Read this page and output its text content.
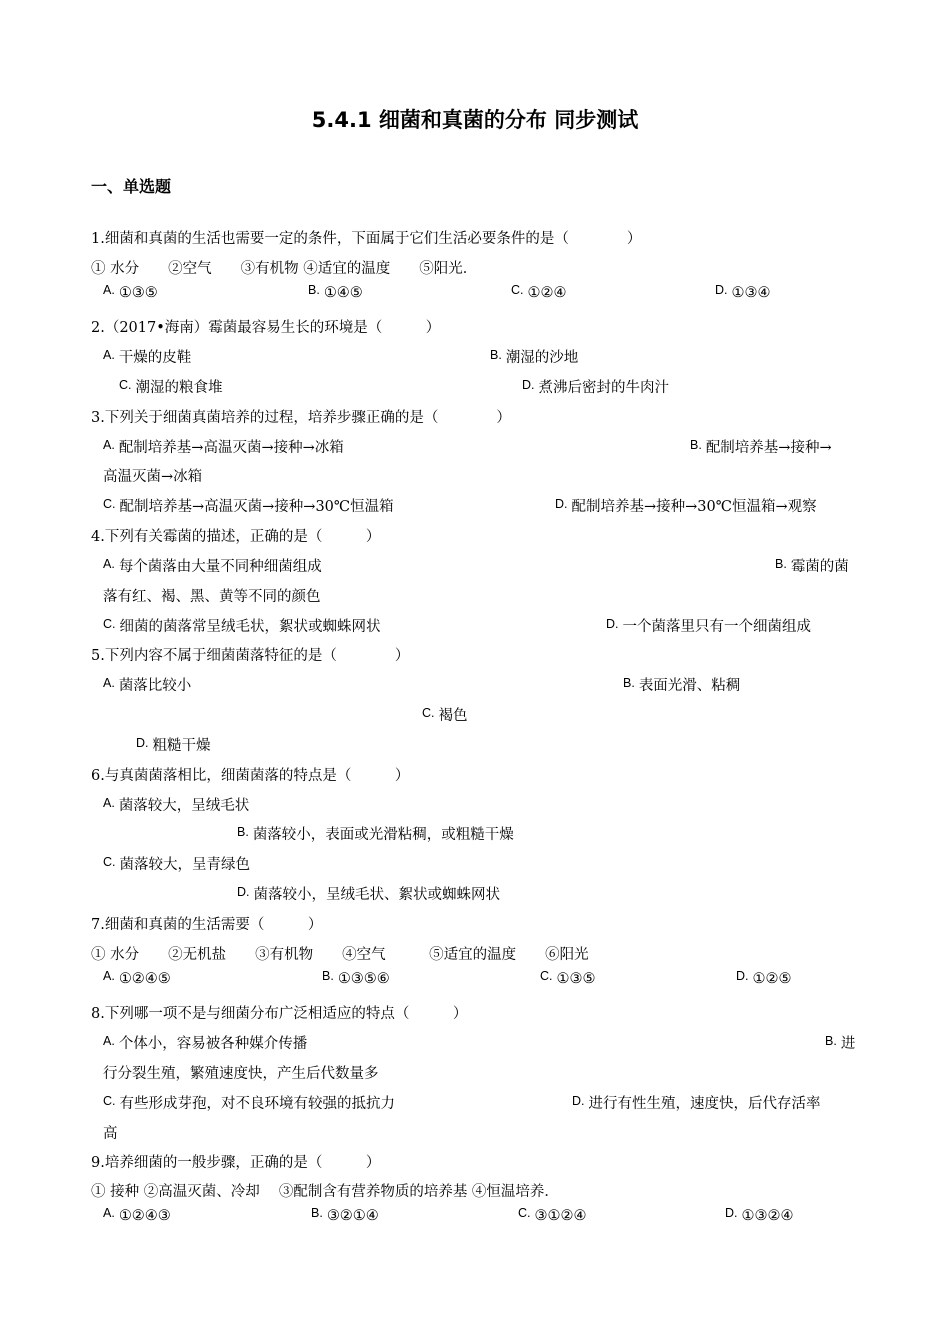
5.4.1 细菌和真菌的分布 同步测试
一、单选题
1.细菌和真菌的生活也需要一定的条件，下面属于它们生活必要条件的是（　　　　）
① 水分　　②空气　　③有机物 ④适宜的温度　　⑤阳光．
A. ①③⑤	B. ①④⑤	C. ①②④	D. ①③④
2.（2017•海南）霉菌最容易生长的环境是（　　　）
A. 干燥的皮鞋	B. 潮湿的沙地
C. 潮湿的粮食堆	D. 煮沸后密封的牛肉汁
3.下列关于细菌真菌培养的过程，培养步骤正确的是（　　　　）
A. 配制培养基→高温灭菌→接种→冰箱	B. 配制培养基→接种→
高温灭菌→冰箱
C. 配制培养基→高温灭菌→接种→30℃恒温箱	D. 配制培养基→接种→30℃恒温箱→观察
4.下列有关霉菌的描述，正确的是（　　　）
A. 每个菌落由大量不同种细菌组成	B. 霉菌的菌
落有红、褐、黑、黄等不同的颜色
C. 细菌的菌落常呈绒毛状，絮状或蜘蛛网状	D. 一个菌落里只有一个细菌组成
5.下列内容不属于细菌菌落特征的是（　　　　）
A. 菌落比较小	B. 表面光滑、粘稠
C. 褐色
D. 粗糙干燥
6.与真菌菌落相比，细菌菌落的特点是（　　　）
A. 菌落较大，呈绒毛状
B. 菌落较小，表面或光滑粘稠，或粗糙干燥
C. 菌落较大，呈青绿色
D. 菌落较小，呈绒毛状、絮状或蜘蛛网状
7.细菌和真菌的生活需要（　　　）
① 水分　　②无机盐　　③有机物　　④空气　　　⑤适宜的温度　　⑥阳光
A. ①②④⑤	B. ①③⑤⑥	C. ①③⑤	D. ①②⑤
8.下列哪一项不是与细菌分布广泛相适应的特点（　　　）
A. 个体小，容易被各种媒介传播	B. 进
行分裂生殖，繁殖速度快，产生后代数量多
C. 有些形成芽孢，对不良环境有较强的抵抗力	D. 进行有性生殖，速度快，后代存活率
高
9.培养细菌的一般步骤，正确的是（　　　）
① 接种 ②高温灭菌、冷却　 ③配制含有营养物质的培养基 ④恒温培养．
A. ①②④③	B. ③②①④	C. ③①②④	D. ①③②④
